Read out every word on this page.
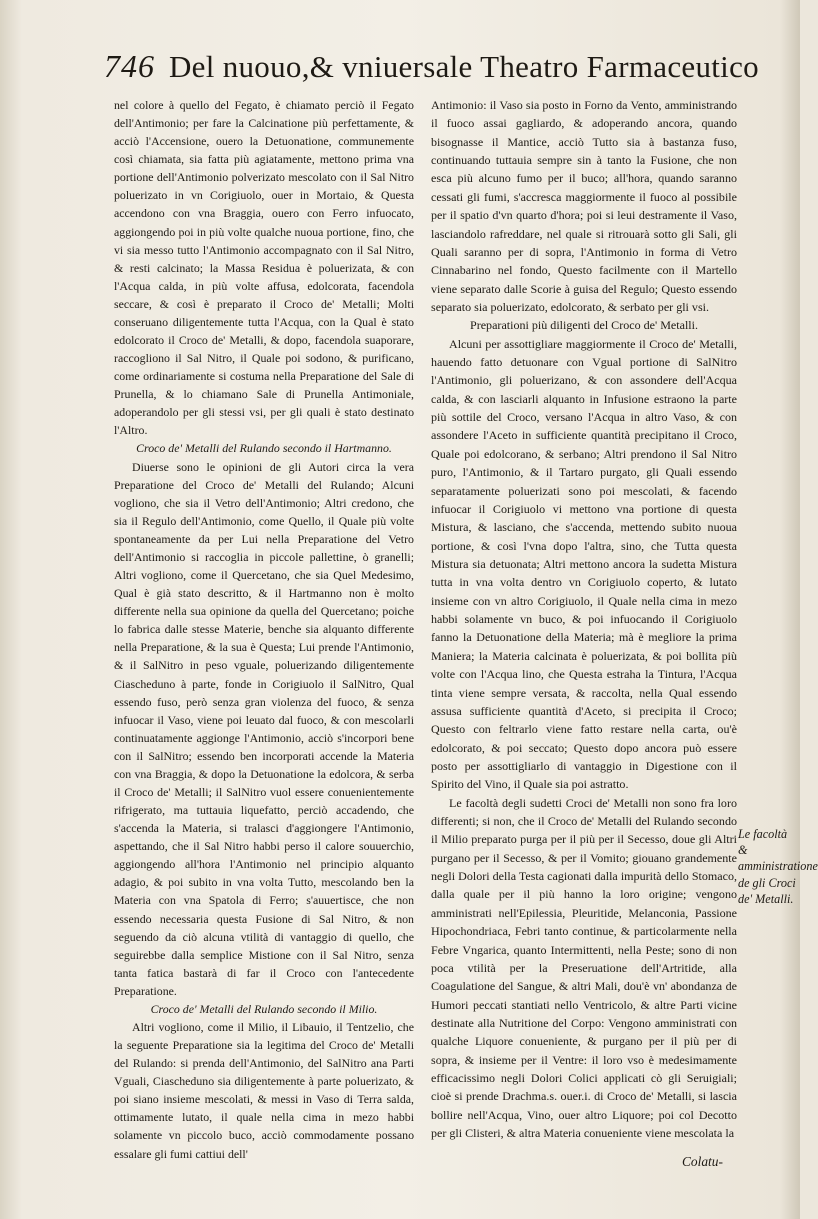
746 Del nuouo,& vniuersale Theatro Farmaceutico

nel colore à quello del Fegato, è chiamato perciò il Fegato dell'Antimonio; per fare la Calcinatione più perfettamente, & acciò l'Accensione, ouero la Detuonatione, communemente così chiamata, sia fatta più agiatamente, mettono prima vna portione dell'Antimonio polverizato mescolato con il Sal Nitro poluerizato in vn Corigiuolo, ouer in Mortaio, & Questa accendono con vna Braggia, ouero con Ferro infuocato, aggiongendo poi in più volte qualche nuoua portione, fino, che vi sia messo tutto l'Antimonio accompagnato con il Sal Nitro, & resti calcinato; la Massa Residua è poluerizata, & con l'Acqua calda, in più volte affusa, edolcorata, facendola seccare, & così è preparato il Croco de' Metalli; Molti conseruano diligentemente tutta l'Acqua, con la Qual è stato edolcorato il Croco de' Metalli, & dopo, facendola suaporare, raccogliono il Sal Nitro, il Quale poi sodono, & purificano, come ordinariamente si costuma nella Preparatione del Sale di Prunella, & lo chiamano Sale di Prunella Antimoniale, adoperandolo per gli stessi vsi, per gli quali è stato destinato l'Altro.

Croco de' Metalli del Rulando secondo il Hartmanno.

Diuerse sono le opinioni de gli Autori circa la vera Preparatione del Croco de' Metalli del Rulando; Alcuni vogliono, che sia il Vetro dell'Antimonio; Altri credono, che sia il Regulo dell'Antimonio, come Quello, il Quale più volte spontaneamente da per Lui nella Preparatione del Vetro dell'Antimonio si raccoglia in piccole pallettine, ò granelli; Altri vogliono, come il Quercetano, che sia Quel Medesimo, Qual è già stato descritto, & il Hartmanno non è molto differente nella sua opinione da quella del Quercetano; poiche lo fabrica dalle stesse Materie, benche sia alquanto differente nella Preparatione, & la sua è Questa; Lui prende l'Antimonio, & il SalNitro in peso vguale, poluerizando diligentemente Ciascheduno à parte, fonde in Corigiuolo il SalNitro, Qual essendo fuso, però senza gran violenza del fuoco, & senza infuocar il Vaso, viene poi leuato dal fuoco, & con mescolarli continuatamente aggionge l'Antimonio, acciò s'incorpori bene con il SalNitro; essendo ben incorporati accende la Materia con vna Braggia, & dopo la Detuonatione la edolcora, & serba il Croco de' Metalli; il SalNitro vuol essere conuenientemente rifrigerato, ma tuttauia liquefatto, perciò accadendo, che s'accenda la Materia, si tralasci d'aggiongere l'Antimonio, aspettando, che il Sal Nitro habbi perso il calore souuerchio, aggiongendo all'hora l'Antimonio nel principio alquanto adagio, & poi subito in vna volta Tutto, mescolando ben la Materia con vna Spatola di Ferro; s'auuertisce, che non essendo necessaria questa Fusione di Sal Nitro, & non seguendo da ciò alcuna vtilità di vantaggio di quello, che seguirebbe dalla semplice Mistione con il Sal Nitro, senza tanta fatica bastarà di far il Croco con l'antecedente Preparatione.

Croco de' Metalli del Rulando secondo il Milio.

Altri vogliono, come il Milio, il Libauio, il Tentzelio, che la seguente Preparatione sia la legitima del Croco de' Metalli del Rulando: si prenda dell'Antimonio, del SalNitro ana Parti Vguali, Ciascheduno sia diligentemente à parte poluerizato, & poi siano insieme mescolati, & messi in Vaso di Terra salda, ottimamente lutato, il quale nella cima in mezo habbi solamente vn piccolo buco, acciò commodamente possano essalare gli fumi cattiui dell'

Antimonio: il Vaso sia posto in Forno da Vento, amministrando il fuoco assai gagliardo, & adoperando ancora, quando bisognasse il Mantice, acciò Tutto sia à bastanza fuso, continuando tuttauia sempre sin à tanto la Fusione, che non esca più alcuno fumo per il buco; all'hora, quando saranno cessati gli fumi, s'accresca maggiormente il fuoco al possibile per il spatio d'vn quarto d'hora; poi si leui destramente il Vaso, lasciandolo rafreddare, nel quale si ritrouarà sotto gli Sali, gli Quali saranno per di sopra, l'Antimonio in forma di Vetro Cinnabarino nel fondo, Questo facilmente con il Martello viene separato dalle Scorie à guisa del Regulo; Questo essendo separato sia poluerizato, edolcorato, & serbato per gli vsi.

Preparationi più diligenti del Croco de' Metalli.

Alcuni per assottigliare maggiormente il Croco de' Metalli, hauendo fatto detuonare con Vgual portione di SalNitro l'Antimonio, gli poluerizano, & con assondere dell'Acqua calda, & con lasciarli alquanto in Infusione estraono la parte più sottile del Croco, versano l'Acqua in altro Vaso, & con assondere l'Aceto in sufficiente quantità precipitano il Croco, Quale poi edolcorano, & serbano; Altri prendono il Sal Nitro puro, l'Antimonio, & il Tartaro purgato, gli Quali essendo separatamente poluerizati sono poi mescolati, & facendo infuocar il Corigiuolo vi mettono vna portione di questa Mistura, & lasciano, che s'accenda, mettendo subito nuoua portione, & così l'vna dopo l'altra, sino, che Tutta questa Mistura sia detuonata; Altri mettono ancora la sudetta Mistura tutta in vna volta dentro vn Corigiuolo coperto, & lutato insieme con vn altro Corigiuolo, il Quale nella cima in mezo habbi solamente vn buco, & poi infuocando il Corigiuolo fanno la Detuonatione della Materia; mà è megliore la prima Maniera; la Materia calcinata è poluerizata, & poi bollita più volte con l'Acqua lino, che Questa estraha la Tintura, l'Acqua tinta viene sempre versata, & raccolta, nella Qual essendo assusa sufficiente quantità d'Aceto, si precipita il Croco; Questo con feltrarlo viene fatto restare nella carta, ou'è edolcorato, & poi seccato; Questo dopo ancora può essere posto per assottigliarlo di vantaggio in Digestione con il Spirito del Vino, il Quale sia poi astratto.

Le facoltà degli sudetti Croci de' Metalli non sono fra loro differenti; si non, che il Croco de' Metalli del Rulando secondo il Milio preparato purga per il più per il Secesso, doue gli Altri purgano per il Secesso, & per il Vomito; giouano grandemente negli Dolori della Testa cagionati dalla impurità dello Stomaco, dalla quale per il più hanno la loro origine; vengono amministrati nell'Epilessia, Pleuritide, Melanconia, Passione Hipochondriaca, Febri tanto continue, & particolarmente nella Febre Vngarica, quanto Intermittenti, nella Peste; sono di non poca vtilità per la Preseruatione dell'Artritide, alla Coagulatione del Sangue, & altri Mali, dou'è vn' abondanza de Humori peccati stantiati nello Ventricolo, & altre Parti vicine destinate alla Nutritione del Corpo: Vengono amministrati con qualche Liquore conueniente, & purgano per il più per di sopra, & insieme per il Ventre: il loro vso è medesimamente efficacissimo negli Dolori Colici applicati cò gli Seruigiali; cioè si prende Drachma.s. ouer.i. di Croco de' Metalli, si lascia bollire nell'Acqua, Vino, ouer altro Liquore; poi col Decotto per gli Clisteri, & altra Materia conueniente viene mescolata la

Le facoltà & amministratione de gli Croci de' Metalli.
Colatu-
